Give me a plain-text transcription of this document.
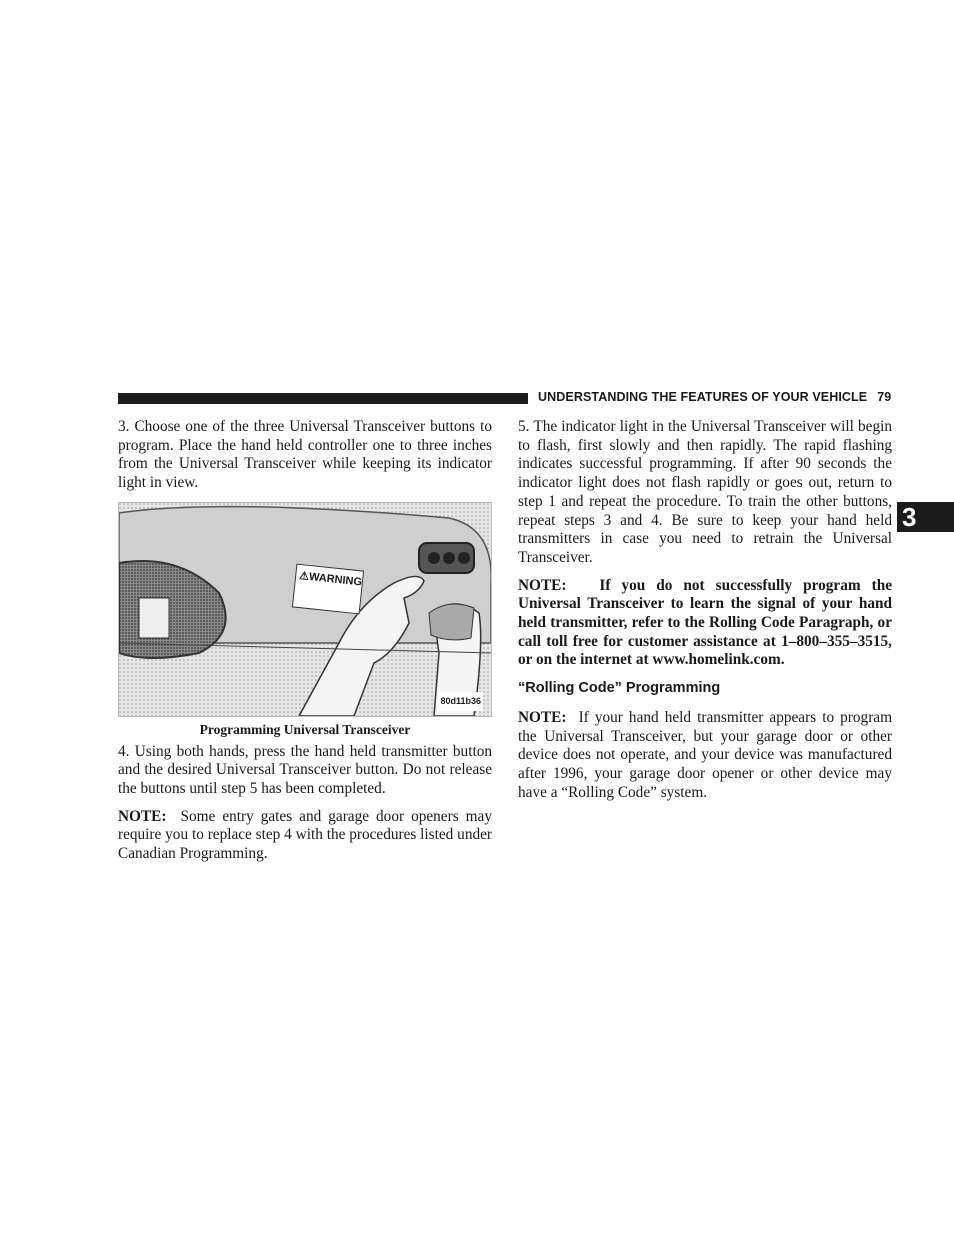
UNDERSTANDING THE FEATURES OF YOUR VEHICLE 79
3

3. Choose one of the three Universal Transceiver buttons to program. Place the hand held controller one to three inches from the Universal Transceiver while keeping its indicator light in view.

⚠WARNING
80d11b36
Programming Universal Transceiver

4. Using both hands, press the hand held transmitter button and the desired Universal Transceiver button. Do not release the buttons until step 5 has been completed.

NOTE: Some entry gates and garage door openers may require you to replace step 4 with the procedures listed under Canadian Programming.

5. The indicator light in the Universal Transceiver will begin to flash, first slowly and then rapidly. The rapid flashing indicates successful programming. If after 90 seconds the indicator light does not flash rapidly or goes out, return to step 1 and repeat the procedure. To train the other buttons, repeat steps 3 and 4. Be sure to keep your hand held transmitters in case you need to retrain the Universal Transceiver.

NOTE: If you do not successfully program the Universal Transceiver to learn the signal of your hand held transmitter, refer to the Rolling Code Paragraph, or call toll free for customer assistance at 1–800–355–3515, or on the internet at www.homelink.com.

“Rolling Code” Programming

NOTE: If your hand held transmitter appears to program the Universal Transceiver, but your garage door or other device does not operate, and your device was manufactured after 1996, your garage door opener or other device may have a “Rolling Code” system.
